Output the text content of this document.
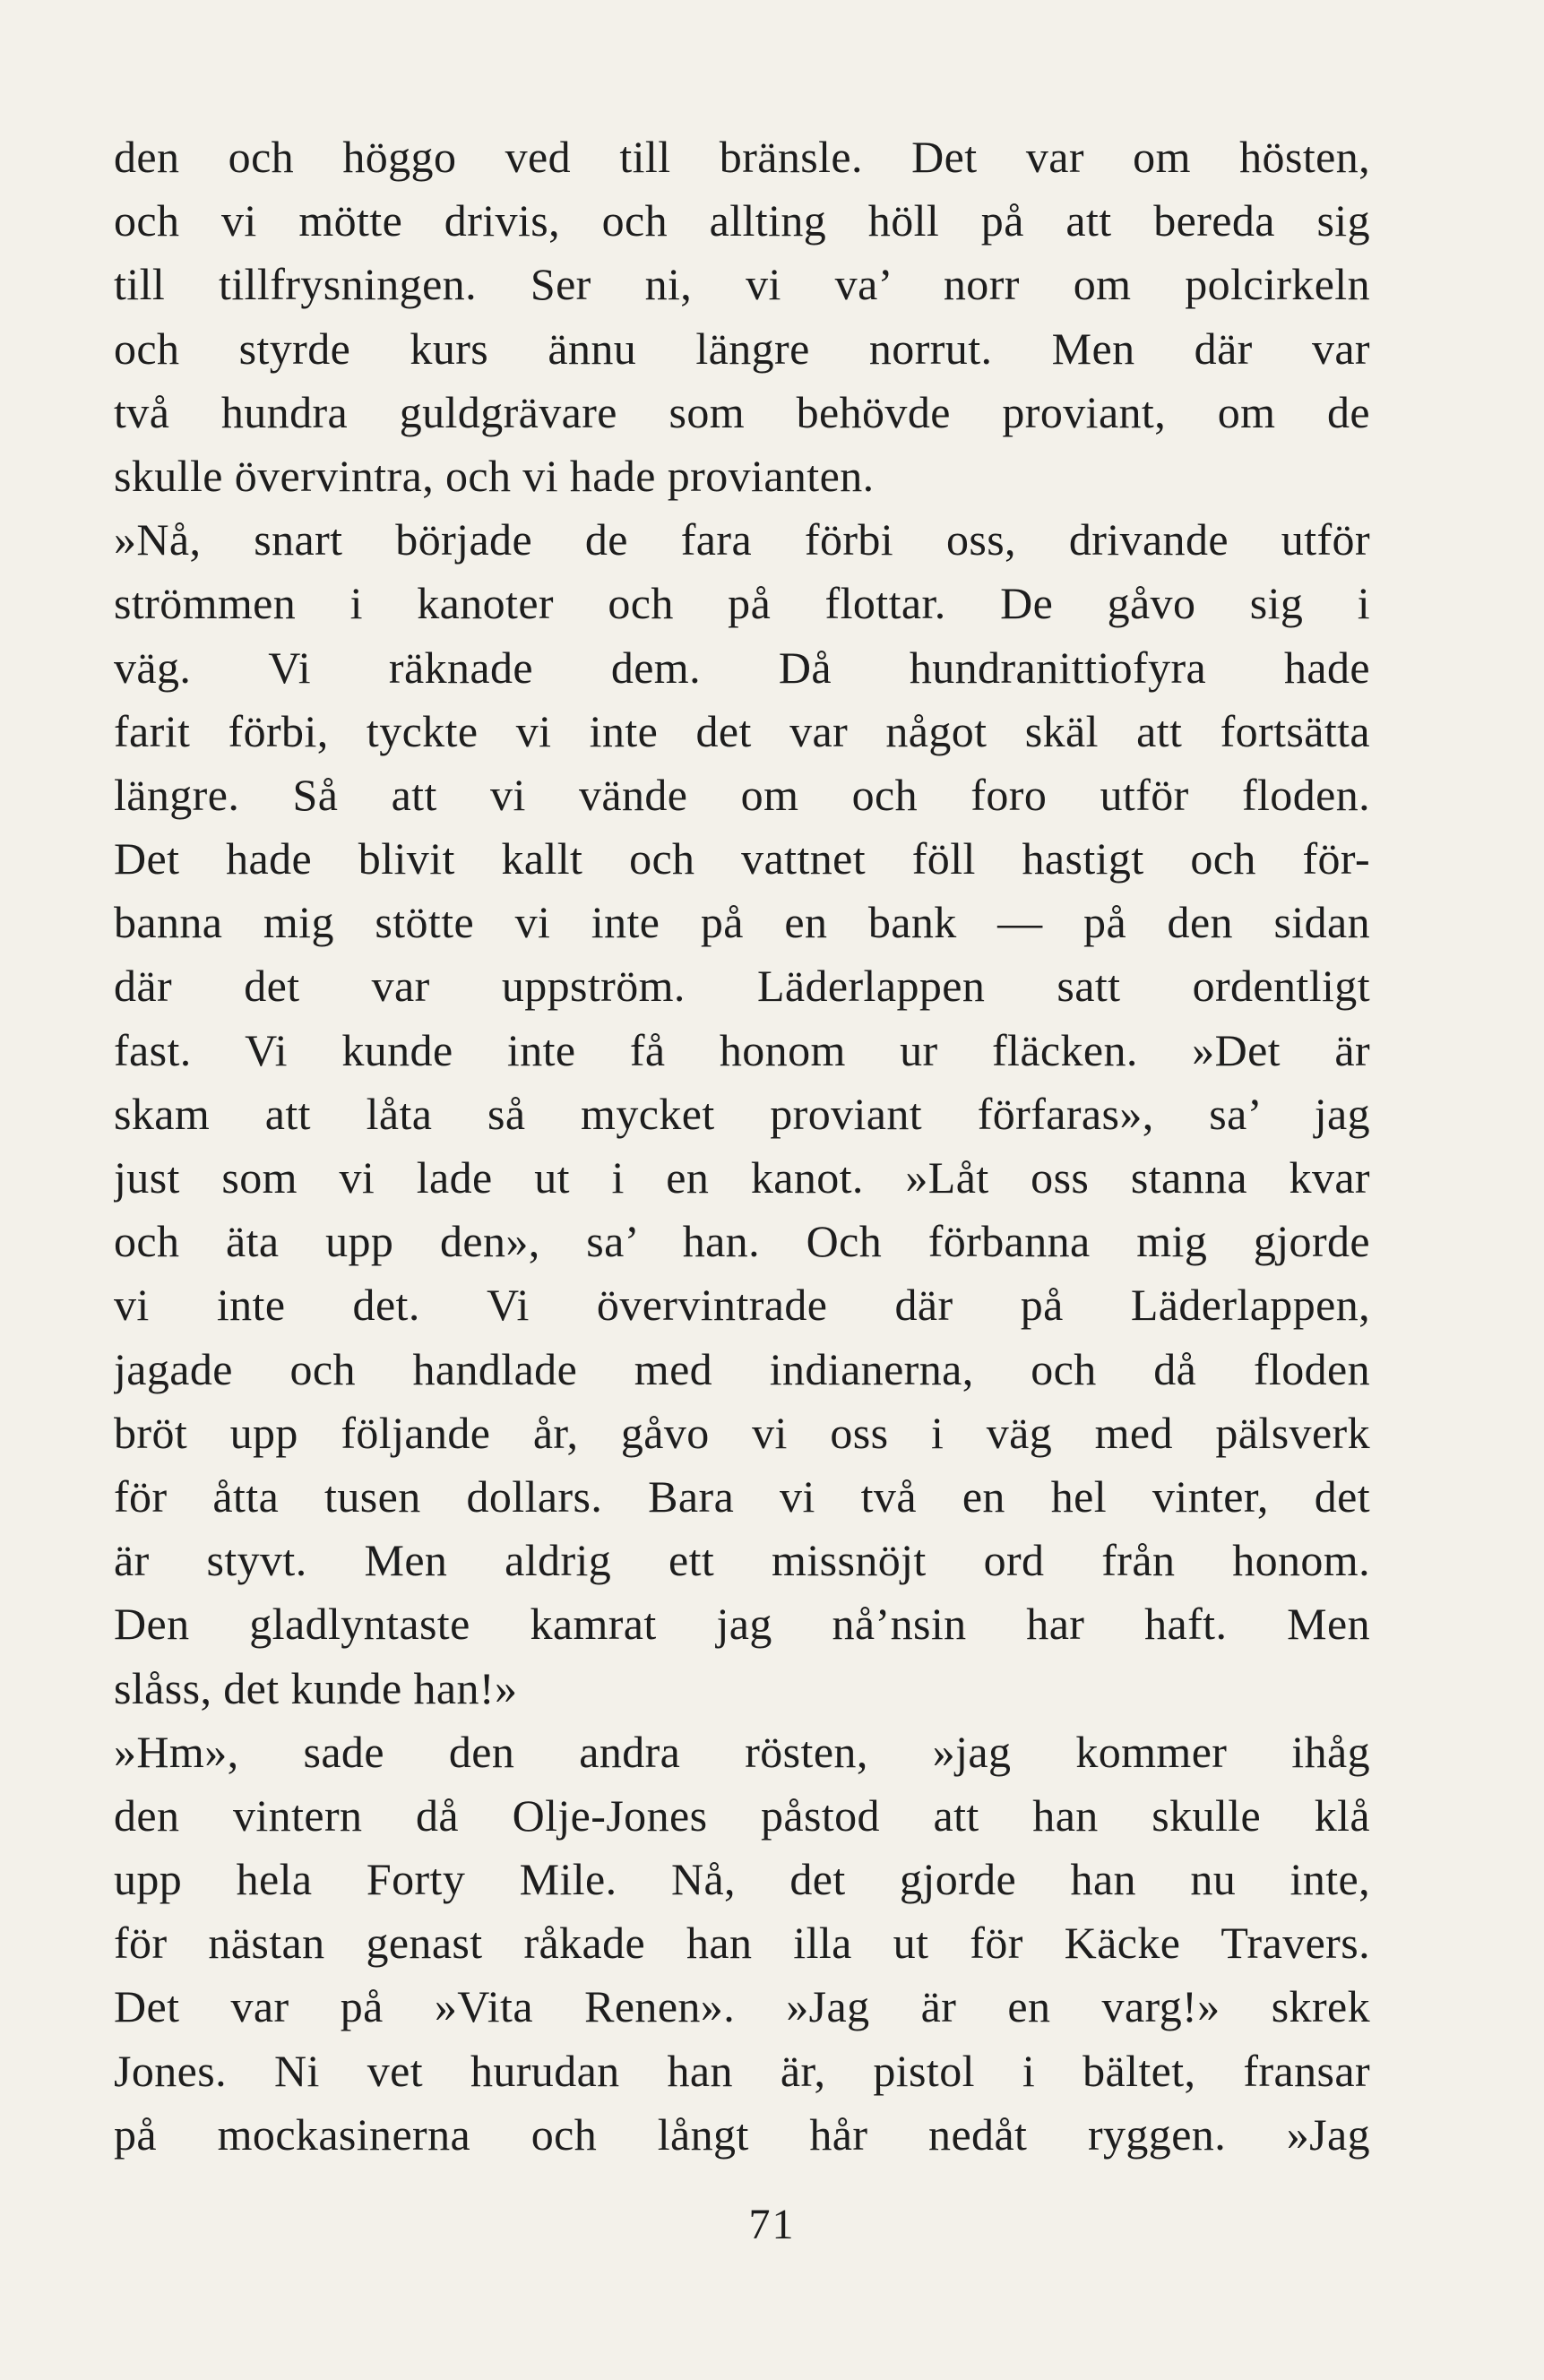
den och höggo ved till bränsle. Det var om hösten,
och vi mötte drivis, och allting höll på att bereda sig
till tillfrysningen. Ser ni, vi va’ norr om polcirkeln
och styrde kurs ännu längre norrut. Men där var
två hundra guldgrävare som behövde proviant, om de
skulle övervintra, och vi hade provianten.
»Nå, snart började de fara förbi oss, drivande utför
strömmen i kanoter och på flottar. De gåvo sig i
väg. Vi räknade dem. Då hundranittiofyra hade
farit förbi, tyckte vi inte det var något skäl att fortsätta
längre. Så att vi vände om och foro utför floden.
Det hade blivit kallt och vattnet föll hastigt och för-
banna mig stötte vi inte på en bank — på den sidan
där det var uppström. Läderlappen satt ordentligt
fast. Vi kunde inte få honom ur fläcken. »Det är
skam att låta så mycket proviant förfaras», sa’ jag
just som vi lade ut i en kanot. »Låt oss stanna kvar
och äta upp den», sa’ han. Och förbanna mig gjorde
vi inte det. Vi övervintrade där på Läderlappen,
jagade och handlade med indianerna, och då floden
bröt upp följande år, gåvo vi oss i väg med pälsverk
för åtta tusen dollars. Bara vi två en hel vinter, det
är styvt. Men aldrig ett missnöjt ord från honom.
Den gladlyntaste kamrat jag nå’nsin har haft. Men
slåss, det kunde han!»
»Hm», sade den andra rösten, »jag kommer ihåg
den vintern då Olje-Jones påstod att han skulle klå
upp hela Forty Mile. Nå, det gjorde han nu inte,
för nästan genast råkade han illa ut för Käcke Travers.
Det var på »Vita Renen». »Jag är en varg!» skrek
Jones. Ni vet hurudan han är, pistol i bältet, fransar
på mockasinerna och långt hår nedåt ryggen. »Jag
71
